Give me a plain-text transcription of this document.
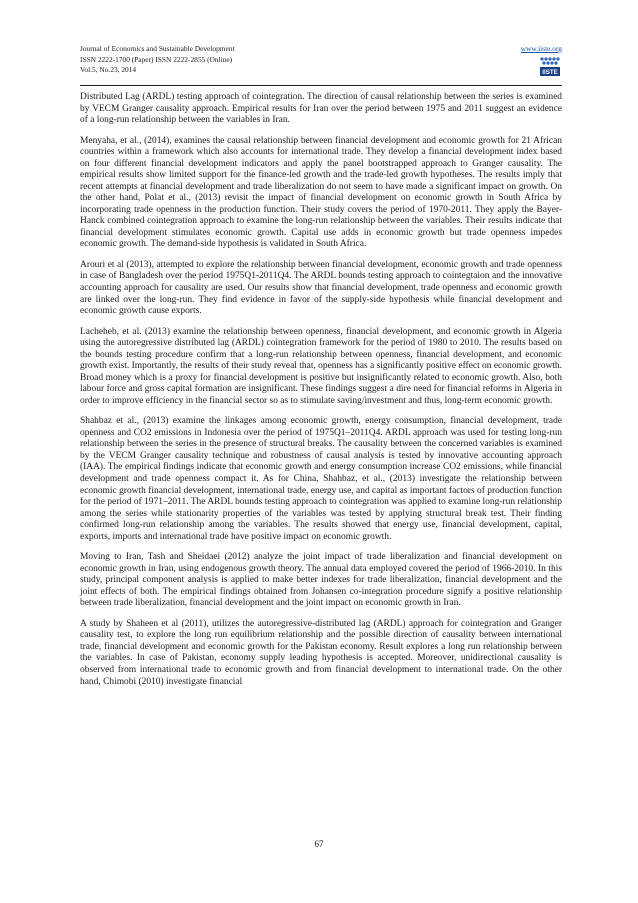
Journal of Economics and Sustainable Development
ISSN 2222-1700 (Paper) ISSN 2222-2855 (Online)
Vol.5, No.23, 2014
www.iiste.org
IISTE

Distributed Lag (ARDL) testing approach of cointegration. The direction of causal relationship between the series is examined by VECM Granger causality approach. Empirical results for Iran over the period between 1975 and 2011 suggest an evidence of a long-run relationship between the variables in Iran.

Menyaha, et al., (2014), examines the causal relationship between financial development and economic growth for 21 African countries within a framework which also accounts for international trade. They develop a financial development index based on four different financial development indicators and apply the panel bootstrapped approach to Granger causality. The empirical results show limited support for the finance-led growth and the trade-led growth hypotheses. The results imply that recent attempts at financial development and trade liberalization do not seem to have made a significant impact on growth. On the other hand, Polat et al., (2013) revisit the impact of financial development on economic growth in South Africa by incorporating trade openness in the production function. Their study covers the period of 1970-2011. They apply the Bayer-Hanck combined cointegration approach to examine the long-run relationship between the variables. Their results indicate that financial development stimulates economic growth. Capital use adds in economic growth but trade openness impedes economic growth. The demand-side hypothesis is validated in South Africa.

Arouri et al (2013), attempted to explore the relationship between financial development, economic growth and trade openness in case of Bangladesh over the period 1975Q1-2011Q4. The ARDL bounds testing approach to cointegtaion and the innovative accounting approach for causality are used. Our results show that financial development, trade openness and economic growth are linked over the long-run. They find evidence in favor of the supply-side hypothesis while financial development and economic growth cause exports.

Lacheheb, et al. (2013) examine the relationship between openness, financial development, and economic growth in Algeria using the autoregressive distributed lag (ARDL) cointegration framework for the period of 1980 to 2010. The results based on the bounds testing procedure confirm that a long-run relationship between openness, financial development, and economic growth exist. Importantly, the results of their study reveal that, openness has a significantly positive effect on economic growth. Broad money which is a proxy for financial development is positive but insignificantly related to economic growth. Also, both labour force and gross capital formation are insignificant. These findings suggest a dire need for financial reforms in Algeria in order to improve efficiency in the financial sector so as to stimulate saving/investment and thus, long-term economic growth.

Shahbaz et al., (2013) examine the linkages among economic growth, energy consumption, financial development, trade openness and CO2 emissions in Indonesia over the period of 1975Q1–2011Q4. ARDL approach was used for testing long-run relationship between the series in the presence of structural breaks. The causality between the concerned variables is examined by the VECM Granger causality technique and robustness of causal analysis is tested by innovative accounting approach (IAA). The empirical findings indicate that economic growth and energy consumption increase CO2 emissions, while financial development and trade openness compact it. As for China, Shahbaz, et al., (2013) investigate the relationship between economic growth financial development, international trade, energy use, and capital as important factors of production function for the period of 1971–2011. The ARDL bounds testing approach to cointegration was applied to examine long-run relationship among the series while stationarity properties of the variables was tested by applying structural break test. Their finding confirmed long-run relationship among the variables. The results showed that energy use, financial development, capital, exports, imports and international trade have positive impact on economic growth.

Moving to Iran, Tash and Sheidaei (2012) analyze the joint impact of trade liberalization and financial development on economic growth in Iran, using endogenous growth theory. The annual data employed covered the period of 1966-2010. In this study, principal component analysis is applied to make better indexes for trade liberalization, financial development and the joint effects of both. The empirical findings obtained from Johansen co-integration procedure signify a positive relationship between trade liberalization, financial development and the joint impact on economic growth in Iran.

A study by Shaheen et al (2011), utilizes the autoregressive-distributed lag (ARDL) approach for cointegration and Granger causality test, to explore the long run equilibrium relationship and the possible direction of causality between international trade, financial development and economic growth for the Pakistan economy. Result explores a long run relationship between the variables. In case of Pakistan, economy supply leading hypothesis is accepted. Moreover, unidirectional causality is observed from international trade to economic growth and from financial development to international trade. On the other hand, Chimobi (2010) investigate financial

67
